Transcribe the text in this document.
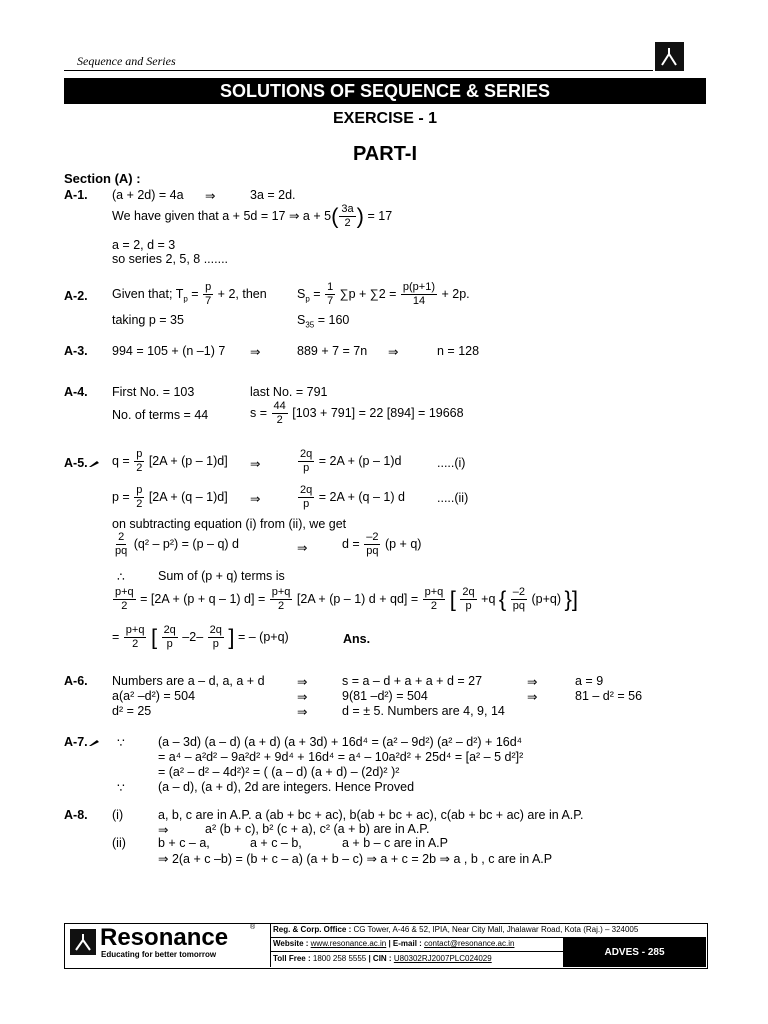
Sequence and Series
SOLUTIONS OF SEQUENCE & SERIES
EXERCISE - 1
PART-I
Section (A) :
A-1. (a + 2d) = 4a ⇒	3a = 2d.
We have given that a + 5d = 17 ⇒ $a + 5( \frac{3a}{2}$ ) = 17
a = 2, d = 3
so series 2, 5, 8 .......
A-2. Given that; $T_p = \frac{p}{7} + 2$, then $S_p = \frac{1}{7} \sum p + \sum 2 = \frac{p(p+1)}{14} + 2p$.
taking p = 35	$S_{35} = 160$
A-3. 994 = 105 + (n –1) 7 ⇒	889 + 7 = 7n ⇒	n = 128
A-4. First No. = 103	last No. = 791
No. of terms = 44	$s = \frac{44}{2} [103 + 791] = 22$ [894] = 19668
A-5.	$q = \frac{p}{2} [2A + (p - 1)d]$ ⇒	$\frac{2q}{p} = 2A + (p - 1)d$	.....(i)
$p = \frac{p}{2} [2A + (q - 1)d]$ ⇒	$\frac{2q}{p} = 2A + (q - 1)$ d	.....(ii)
on subtracting equation (i) from (ii), we get
$\frac{2}{pq} (q^2 - p^2) = (p - q)$ d	⇒	$d = \frac{-2}{pq} (p + q)$
∴	Sum of (p + q) terms is
$\frac{p+q}{2} = [2A + (p + q - 1) d] = \frac{p+q}{2} [2A + (p - 1) d + qd] = \frac{p+q}{2}$ [ $\frac{2q}{p} +q$ { $\frac{-2}{pq} (p+q)$ }]
= $\frac{p+q}{2}$ [ $\frac{2q}{p} -2- \frac{2q}{p}$ ] = – (p+q)	Ans.
A-6. Numbers are a – d, a, a + d	⇒	s = a – d + a + a + d = 27	⇒	a = 9
a(a² –d²) = 504	⇒	9(81 –d²) = 504	⇒	81 – d² = 56
d² = 25	⇒	d = ± 5. Numbers are 4, 9, 14
A-7.	∵	(a – 3d) (a – d) (a + d) (a + 3d) + 16d⁴ = (a² – 9d²) (a² – d²) + 16d⁴
= a⁴ – a²d² – 9a²d² + 9d⁴ + 16d⁴ = a⁴ – 10a²d² + 25d⁴ = [a² – 5 d²]²
= (a² – d² – 4d²)² = ( (a – d) (a + d) – (2d)² )²
∵	(a – d), (a + d), 2d are integers. Hence Proved
A-8. (i)	a, b, c are in A.P. a (ab + bc + ac), b(ab + bc + ac), c(ab + bc + ac) are in A.P.
⇒	a² (b + c), b² (c + a), c² (a + b) are in A.P.
(ii)	b + c – a,	a + c – b,	a + b – c are in A.P
⇒ 2(a + c –b) = (b + c – a) (a + b – c) ⇒ a + c = 2b ⇒ a , b , c are in A.P
Resonance	®
Educating for better tomorrow
Reg. & Corp. Office : CG Tower, A-46 & 52, IPIA, Near City Mall, Jhalawar Road, Kota (Raj.) – 324005
Website : www.resonance.ac.in | E-mail : contact@resonance.ac.in
Toll Free : 1800 258 5555 | CIN : U80302RJ2007PLC024029
ADVES - 285
